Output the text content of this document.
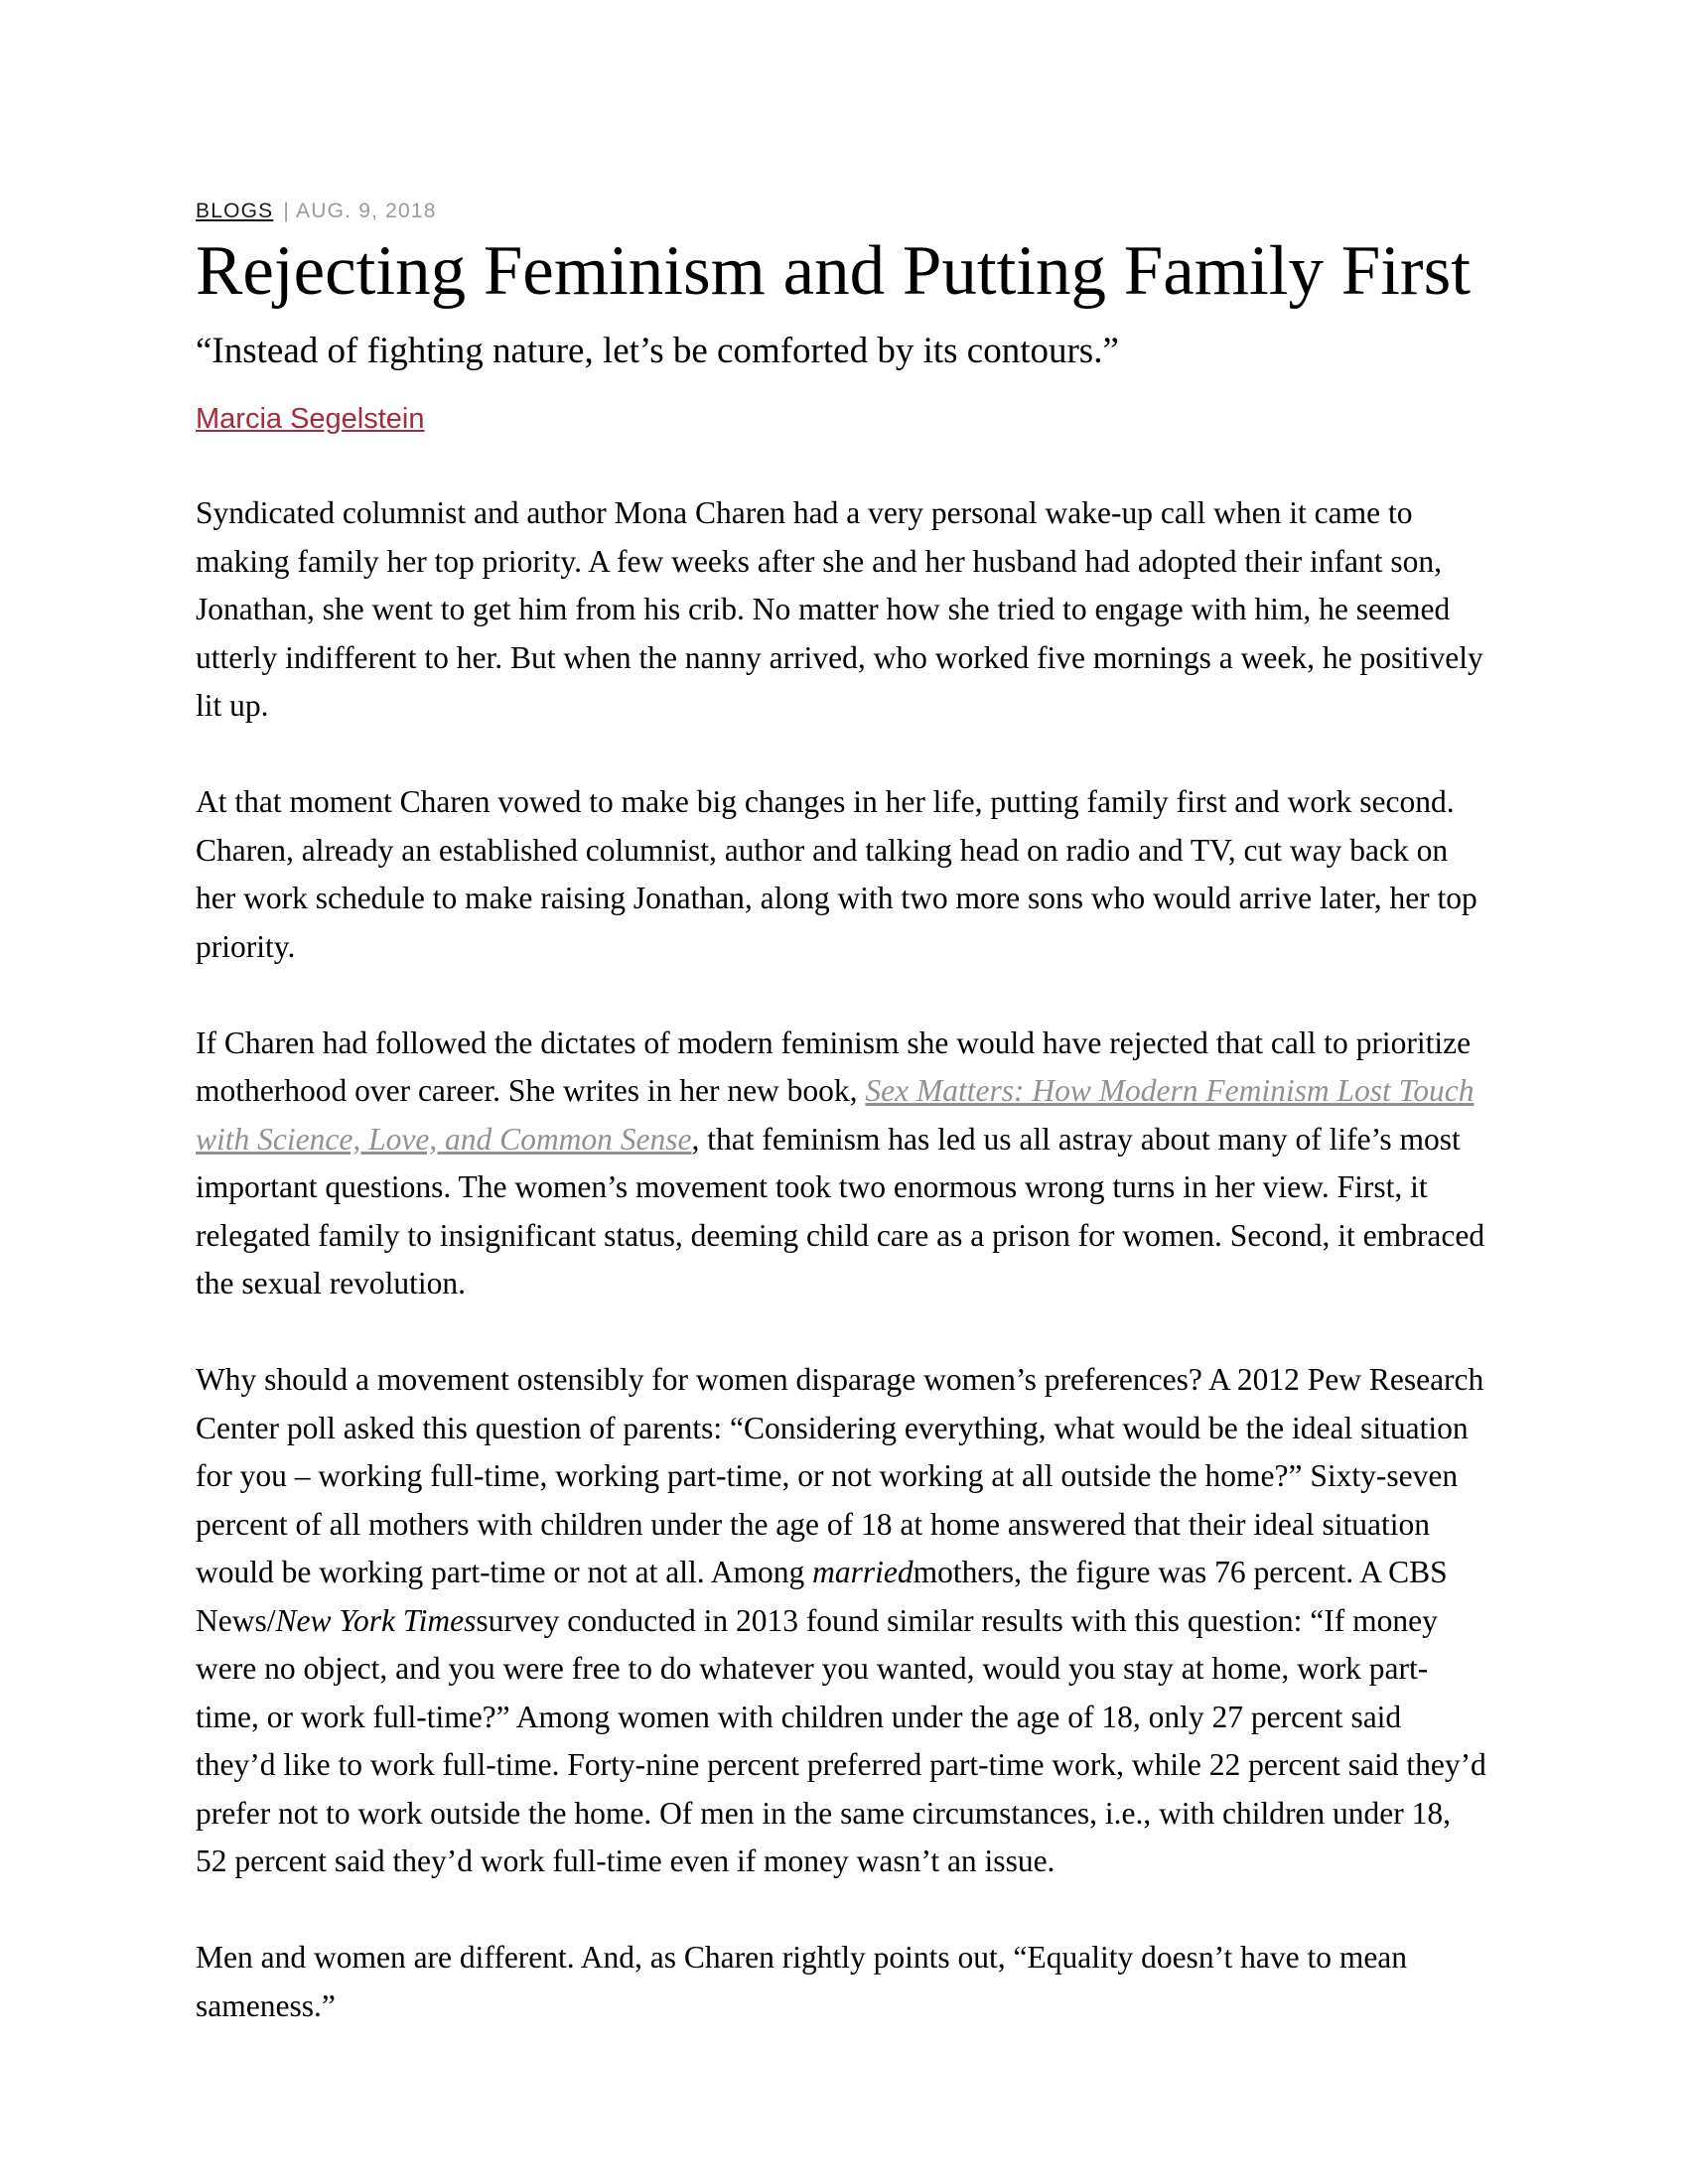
BLOGS | AUG. 9, 2018
Rejecting Feminism and Putting Family First
“Instead of fighting nature, let’s be comforted by its contours.”
Marcia Segelstein

Syndicated columnist and author Mona Charen had a very personal wake-up call when it came to making family her top priority. A few weeks after she and her husband had adopted their infant son, Jonathan, she went to get him from his crib. No matter how she tried to engage with him, he seemed utterly indifferent to her. But when the nanny arrived, who worked five mornings a week, he positively lit up.

At that moment Charen vowed to make big changes in her life, putting family first and work second. Charen, already an established columnist, author and talking head on radio and TV, cut way back on her work schedule to make raising Jonathan, along with two more sons who would arrive later, her top priority.

If Charen had followed the dictates of modern feminism she would have rejected that call to prioritize motherhood over career. She writes in her new book, Sex Matters: How Modern Feminism Lost Touch with Science, Love, and Common Sense, that feminism has led us all astray about many of life’s most important questions. The women’s movement took two enormous wrong turns in her view. First, it relegated family to insignificant status, deeming child care as a prison for women. Second, it embraced the sexual revolution.

Why should a movement ostensibly for women disparage women’s preferences? A 2012 Pew Research Center poll asked this question of parents: “Considering everything, what would be the ideal situation for you – working full-time, working part-time, or not working at all outside the home?” Sixty-seven percent of all mothers with children under the age of 18 at home answered that their ideal situation would be working part-time or not at all. Among marriedmothers, the figure was 76 percent. A CBS News/New York Timessurvey conducted in 2013 found similar results with this question: “If money were no object, and you were free to do whatever you wanted, would you stay at home, work part-time, or work full-time?” Among women with children under the age of 18, only 27 percent said they’d like to work full-time. Forty-nine percent preferred part-time work, while 22 percent said they’d prefer not to work outside the home. Of men in the same circumstances, i.e., with children under 18, 52 percent said they’d work full-time even if money wasn’t an issue.

Men and women are different. And, as Charen rightly points out, “Equality doesn’t have to mean sameness.”
